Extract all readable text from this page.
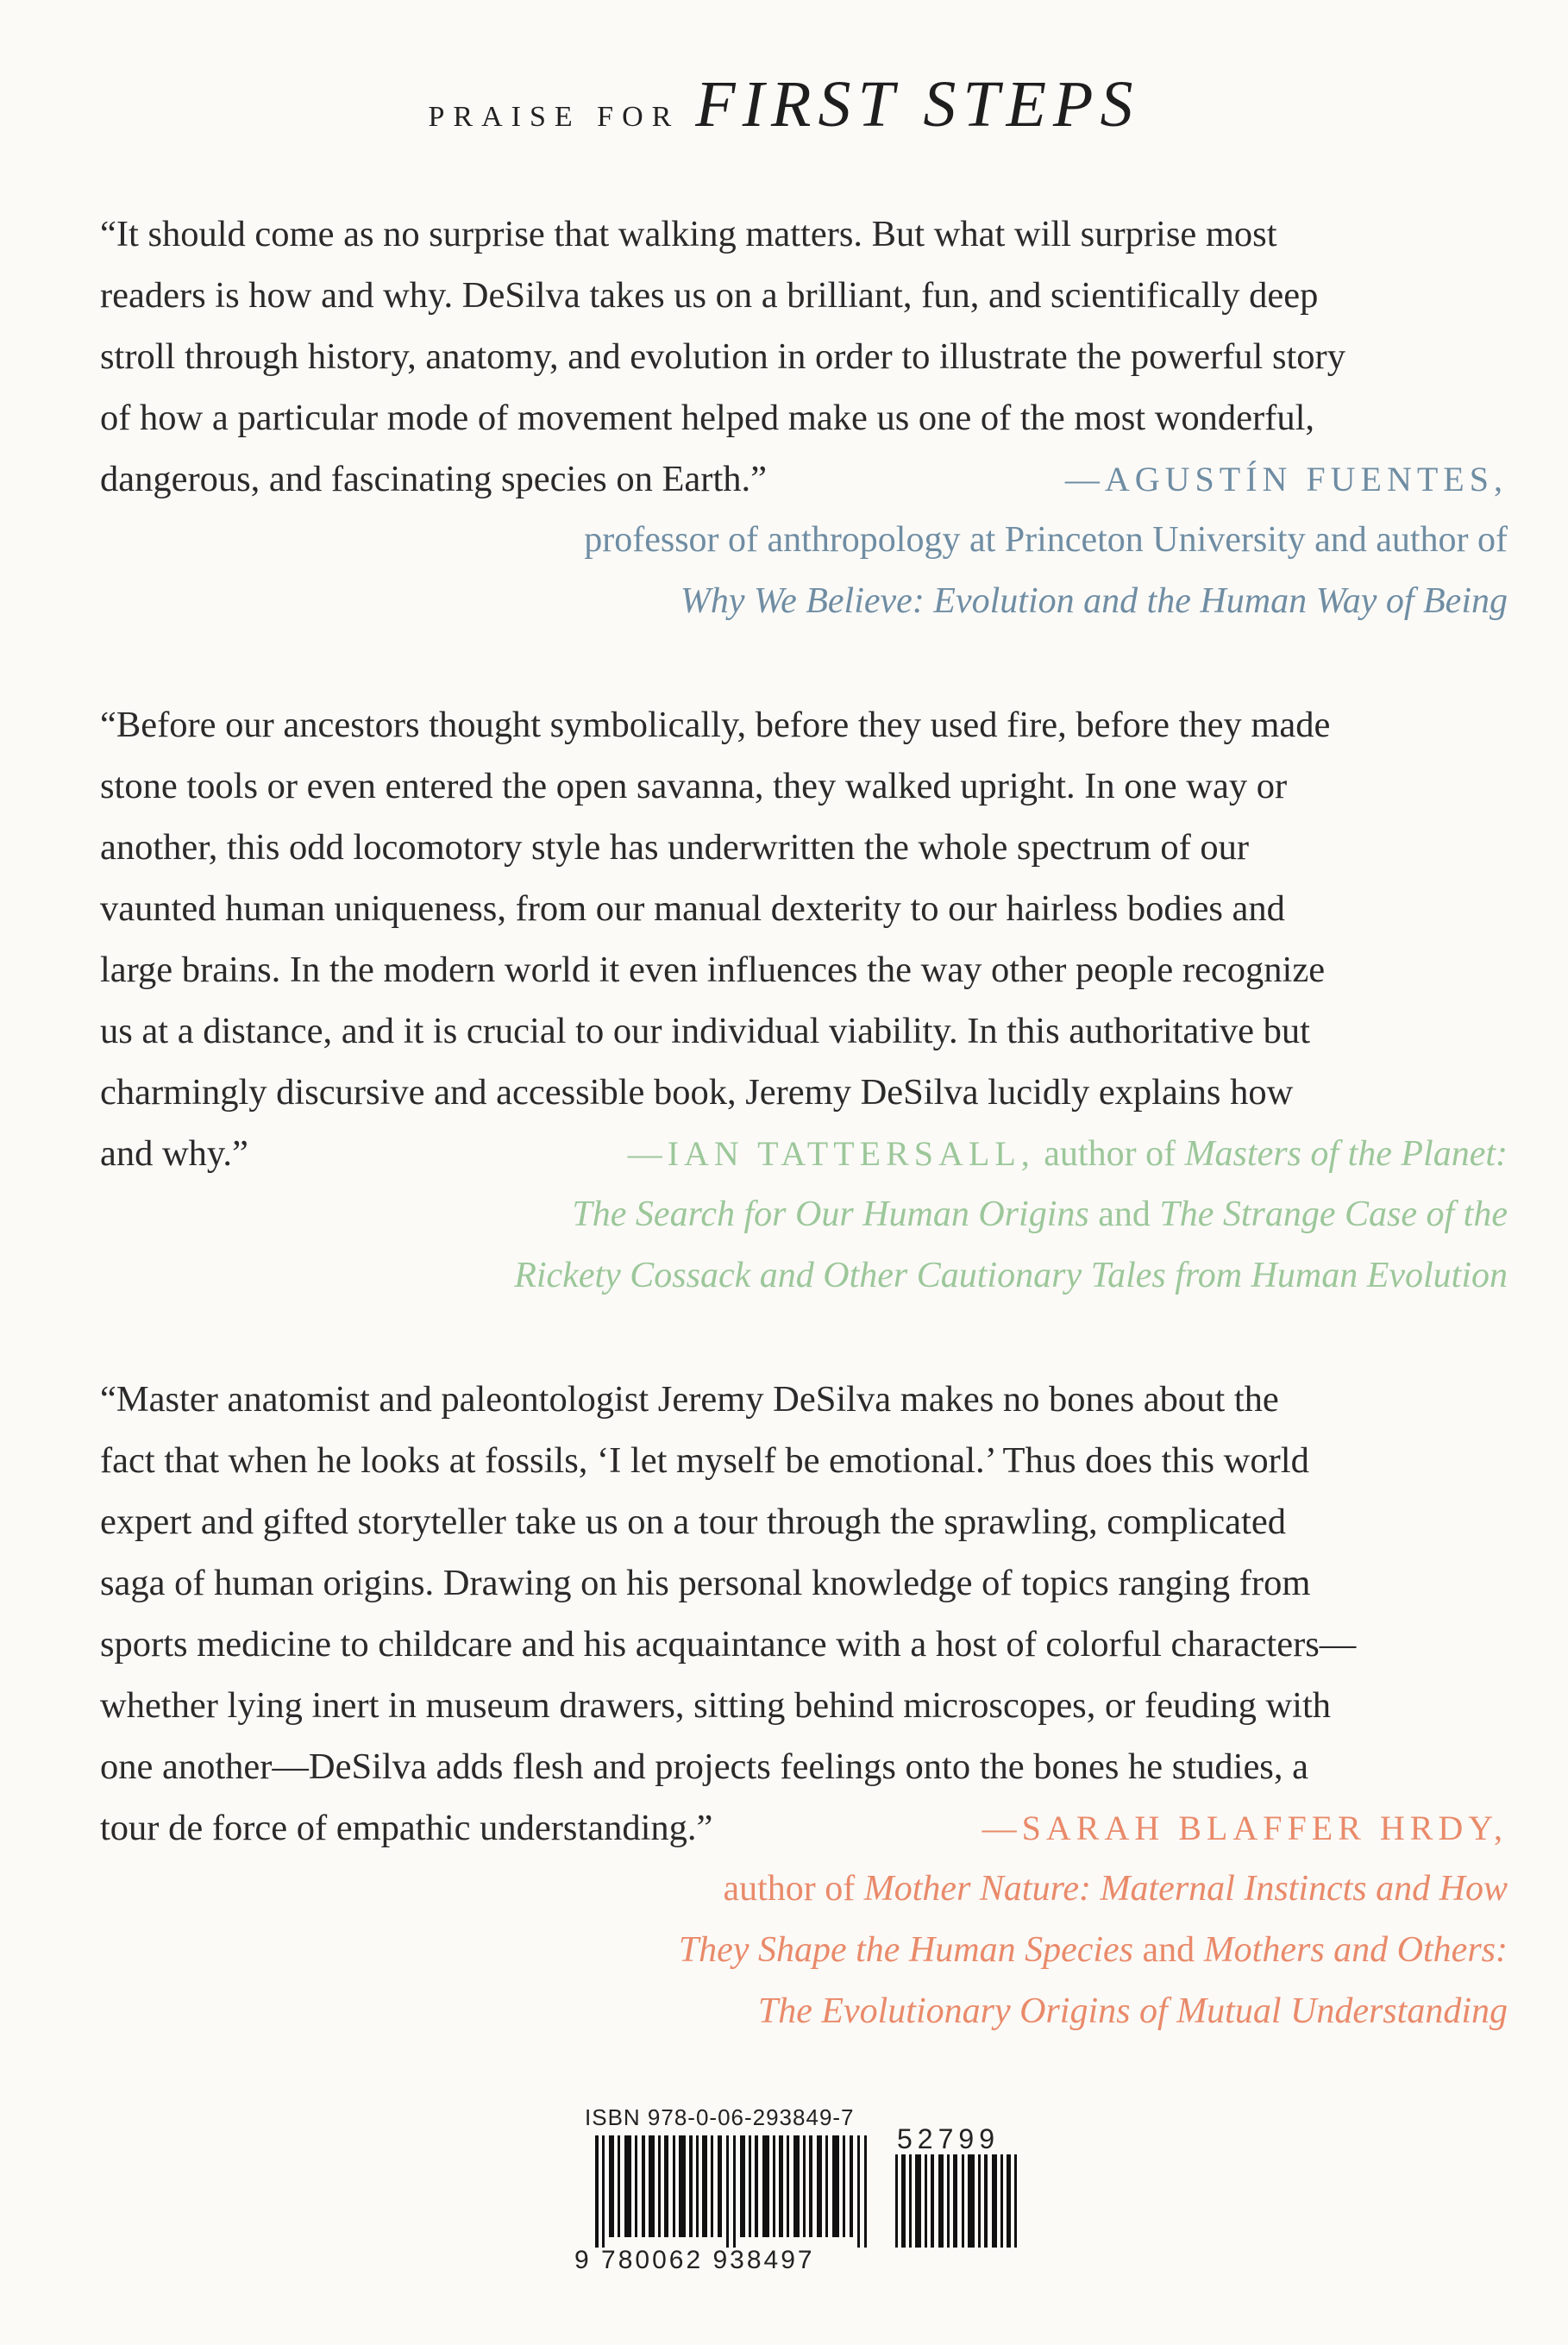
PRAISE FOR FIRST STEPS
“It should come as no surprise that walking matters. But what will surprise most
readers is how and why. DeSilva takes us on a brilliant, fun, and scientifically deep
stroll through history, anatomy, and evolution in order to illustrate the powerful story
of how a particular mode of movement helped make us one of the most wonderful,
dangerous, and fascinating species on Earth.”	—AGUSTÍN FUENTES,
professor of anthropology at Princeton University and author of
Why We Believe: Evolution and the Human Way of Being
“Before our ancestors thought symbolically, before they used fire, before they made
stone tools or even entered the open savanna, they walked upright. In one way or
another, this odd locomotory style has underwritten the whole spectrum of our
vaunted human uniqueness, from our manual dexterity to our hairless bodies and
large brains. In the modern world it even influences the way other people recognize
us at a distance, and it is crucial to our individual viability. In this authoritative but
charmingly discursive and accessible book, Jeremy DeSilva lucidly explains how
and why.”	—IAN TATTERSALL, author of Masters of the Planet:
The Search for Our Human Origins and The Strange Case of the
Rickety Cossack and Other Cautionary Tales from Human Evolution
“Master anatomist and paleontologist Jeremy DeSilva makes no bones about the
fact that when he looks at fossils, ‘I let myself be emotional.’ Thus does this world
expert and gifted storyteller take us on a tour through the sprawling, complicated
saga of human origins. Drawing on his personal knowledge of topics ranging from
sports medicine to childcare and his acquaintance with a host of colorful characters—
whether lying inert in museum drawers, sitting behind microscopes, or feuding with
one another—DeSilva adds flesh and projects feelings onto the bones he studies, a
tour de force of empathic understanding.”	—SARAH BLAFFER HRDY,
author of Mother Nature: Maternal Instincts and How
They Shape the Human Species and Mothers and Others:
The Evolutionary Origins of Mutual Understanding
ISBN 978-0-06-293849-7
52799
9 780062 938497
